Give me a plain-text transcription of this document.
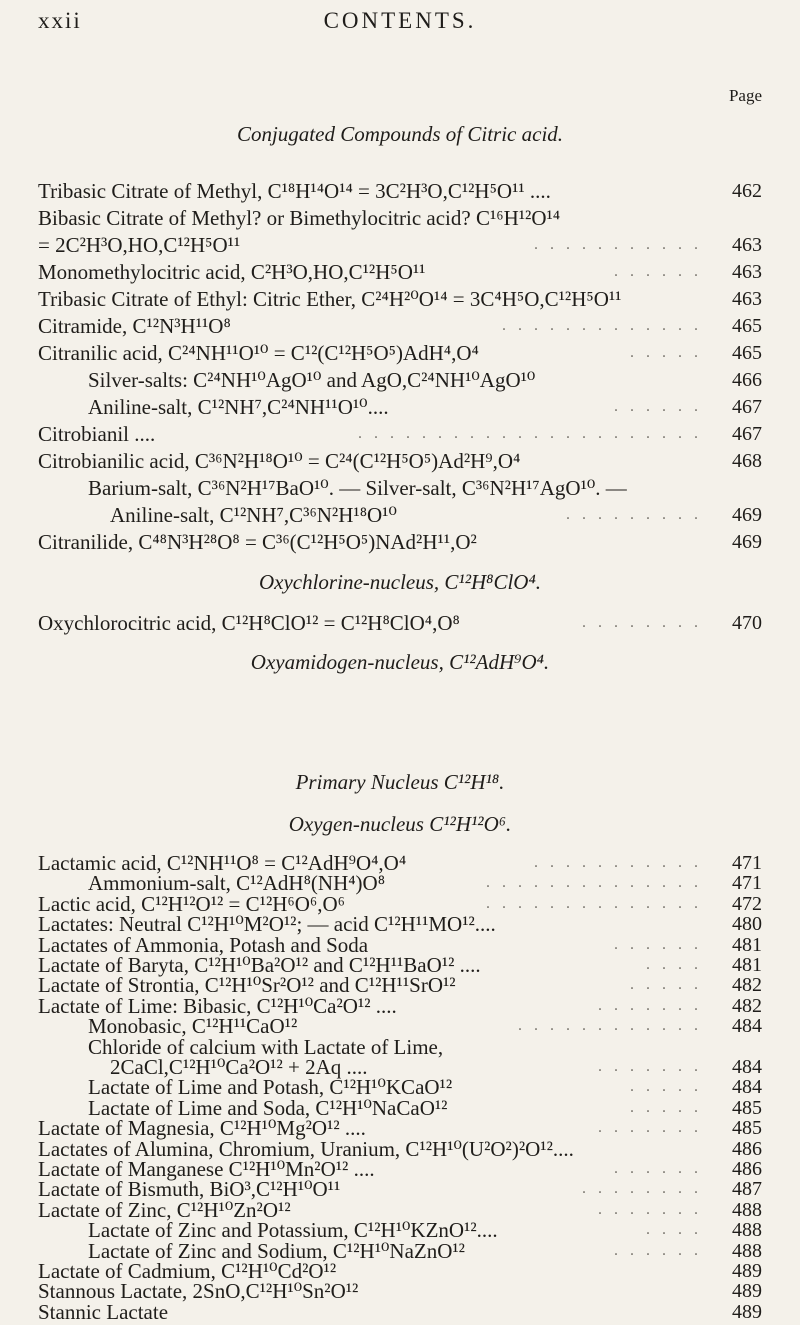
xxii	CONTENTS.
Page
Conjugated Compounds of Citric acid.
Tribasic Citrate of Methyl, C¹⁸H¹⁴O¹⁴ = 3C²H³O,C¹²H⁵O¹¹ ....	462
Bibasic Citrate of Methyl? or Bimethylocitric acid? C¹⁶H¹²O¹⁴
= 2C²H³O,HO,C¹²H⁵O¹¹	. . . . . . . . . . . 463
Monomethylocitric acid, C²H³O,HO,C¹²H⁵O¹¹	. . . . . . 463
Tribasic Citrate of Ethyl: Citric Ether, C²⁴H²⁰O¹⁴ = 3C⁴H⁵O,C¹²H⁵O¹¹	463
Citramide, C¹²N³H¹¹O⁸	. . . . . . . . . . . . . 465
Citranilic acid, C²⁴NH¹¹O¹⁰ = C¹²(C¹²H⁵O⁵)AdH⁴,O⁴	. . . . . 465
Silver-salts: C²⁴NH¹⁰AgO¹⁰ and AgO,C²⁴NH¹⁰AgO¹⁰	466
Aniline-salt, C¹²NH⁷,C²⁴NH¹¹O¹⁰....	. . . . . . 467
Citrobianil ....	. . . . . . . . . . . . . . . . . . . . . . 467
Citrobianilic acid, C³⁶N²H¹⁸O¹⁰ = C²⁴(C¹²H⁵O⁵)Ad²H⁹,O⁴	468
Barium-salt, C³⁶N²H¹⁷BaO¹⁰. — Silver-salt, C³⁶N²H¹⁷AgO¹⁰. —
Aniline-salt, C¹²NH⁷,C³⁶N²H¹⁸O¹⁰	. . . . . . . . . 469
Citranilide, C⁴⁸N³H²⁸O⁸ = C³⁶(C¹²H⁵O⁵)NAd²H¹¹,O²	469
Oxychlorine-nucleus, C¹²H⁸ClO⁴.
Oxychlorocitric acid, C¹²H⁸ClO¹² = C¹²H⁸ClO⁴,O⁸	. . . . . . . . 470
Oxyamidogen-nucleus, C¹²AdH⁹O⁴.
Lactamic acid, C¹²NH¹¹O⁸ = C¹²AdH⁹O⁴,O⁴	. . . . . . . . . . . 471
Ammonium-salt, C¹²AdH⁸(NH⁴)O⁸	. . . . . . . . . . . . . . 471
Primary Nucleus C¹²H¹⁸.
Oxygen-nucleus C¹²H¹²O⁶.
Lactic acid, C¹²H¹²O¹² = C¹²H⁶O⁶,O⁶	. . . . . . . . . . . . . . 472
Lactates: Neutral C¹²H¹⁰M²O¹²; — acid C¹²H¹¹MO¹²....	480
Lactates of Ammonia, Potash and Soda	. . . . . . 481
Lactate of Baryta, C¹²H¹⁰Ba²O¹² and C¹²H¹¹BaO¹² ....	. . . . 481
Lactate of Strontia, C¹²H¹⁰Sr²O¹² and C¹²H¹¹SrO¹²	. . . . . 482
Lactate of Lime: Bibasic, C¹²H¹⁰Ca²O¹² ....	. . . . . . . 482
Monobasic, C¹²H¹¹CaO¹²	. . . . . . . . . . . . 484
Chloride of calcium with Lactate of Lime,
2CaCl,C¹²H¹⁰Ca²O¹² + 2Aq ....	. . . . . . . 484
Lactate of Lime and Potash, C¹²H¹⁰KCaO¹²	. . . . . 484
Lactate of Lime and Soda, C¹²H¹⁰NaCaO¹²	. . . . . 485
Lactate of Magnesia, C¹²H¹⁰Mg²O¹² ....	. . . . . . . 485
Lactates of Alumina, Chromium, Uranium, C¹²H¹⁰(U²O²)²O¹²....	486
Lactate of Manganese C¹²H¹⁰Mn²O¹² ....	. . . . . . 486
Lactate of Bismuth, BiO³,C¹²H¹⁰O¹¹	. . . . . . . . 487
Lactate of Zinc, C¹²H¹⁰Zn²O¹²	. . . . . . . 488
Lactate of Zinc and Potassium, C¹²H¹⁰KZnO¹²....	. . . . 488
Lactate of Zinc and Sodium, C¹²H¹⁰NaZnO¹²	. . . . . . 488
Lactate of Cadmium, C¹²H¹⁰Cd²O¹²	489
Stannous Lactate, 2SnO,C¹²H¹⁰Sn²O¹²	489
Stannic Lactate	489
